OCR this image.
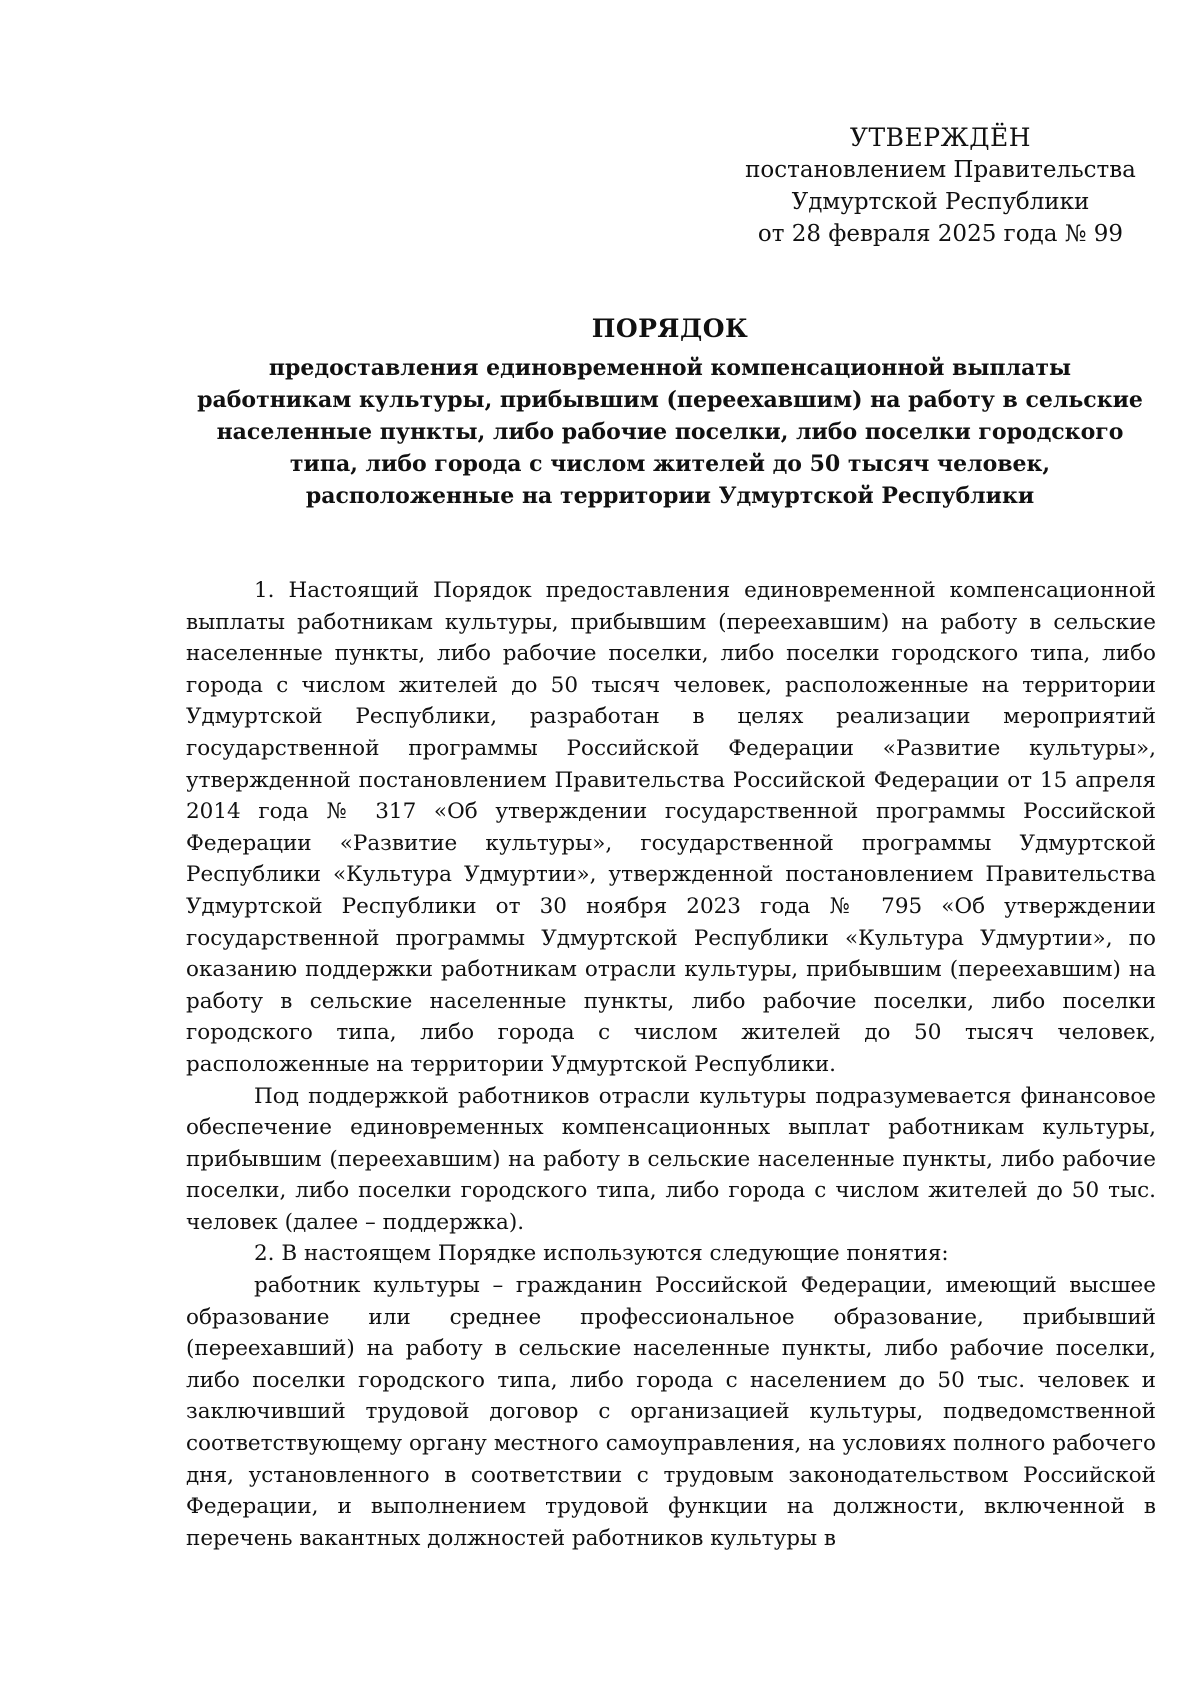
УТВЕРЖДЁН
постановлением Правительства
Удмуртской Республики
от 28 февраля 2025 года № 99
ПОРЯДОК
предоставления единовременной компенсационной выплаты работникам культуры, прибывшим (переехавшим) на работу в сельские населенные пункты, либо рабочие поселки, либо поселки городского типа, либо города с числом жителей до 50 тысяч человек, расположенные на территории Удмуртской Республики

1. Настоящий Порядок предоставления единовременной компенсационной выплаты работникам культуры, прибывшим (переехавшим) на работу в сельские населенные пункты, либо рабочие поселки, либо поселки городского типа, либо города с числом жителей до 50 тысяч человек, расположенные на территории Удмуртской Республики, разработан в целях реализации мероприятий государственной программы Российской Федерации «Развитие культуры», утвержденной постановлением Правительства Российской Федерации от 15 апреля 2014 года № 317 «Об утверждении государственной программы Российской Федерации «Развитие культуры», государственной программы Удмуртской Республики «Культура Удмуртии», утвержденной постановлением Правительства Удмуртской Республики от 30 ноября 2023 года № 795 «Об утверждении государственной программы Удмуртской Республики «Культура Удмуртии», по оказанию поддержки работникам отрасли культуры, прибывшим (переехавшим) на работу в сельские населенные пункты, либо рабочие поселки, либо поселки городского типа, либо города с числом жителей до 50 тысяч человек, расположенные на территории Удмуртской Республики.

Под поддержкой работников отрасли культуры подразумевается финансовое обеспечение единовременных компенсационных выплат работникам культуры, прибывшим (переехавшим) на работу в сельские населенные пункты, либо рабочие поселки, либо поселки городского типа, либо города с числом жителей до 50 тыс. человек (далее – поддержка).

2. В настоящем Порядке используются следующие понятия:

работник культуры – гражданин Российской Федерации, имеющий высшее образование или среднее профессиональное образование, прибывший (переехавший) на работу в сельские населенные пункты, либо рабочие поселки, либо поселки городского типа, либо города с населением до 50 тыс. человек и заключивший трудовой договор с организацией культуры, подведомственной соответствующему органу местного самоуправления, на условиях полного рабочего дня, установленного в соответствии с трудовым законодательством Российской Федерации, и выполнением трудовой функции на должности, включенной в перечень вакантных должностей работников культуры в
